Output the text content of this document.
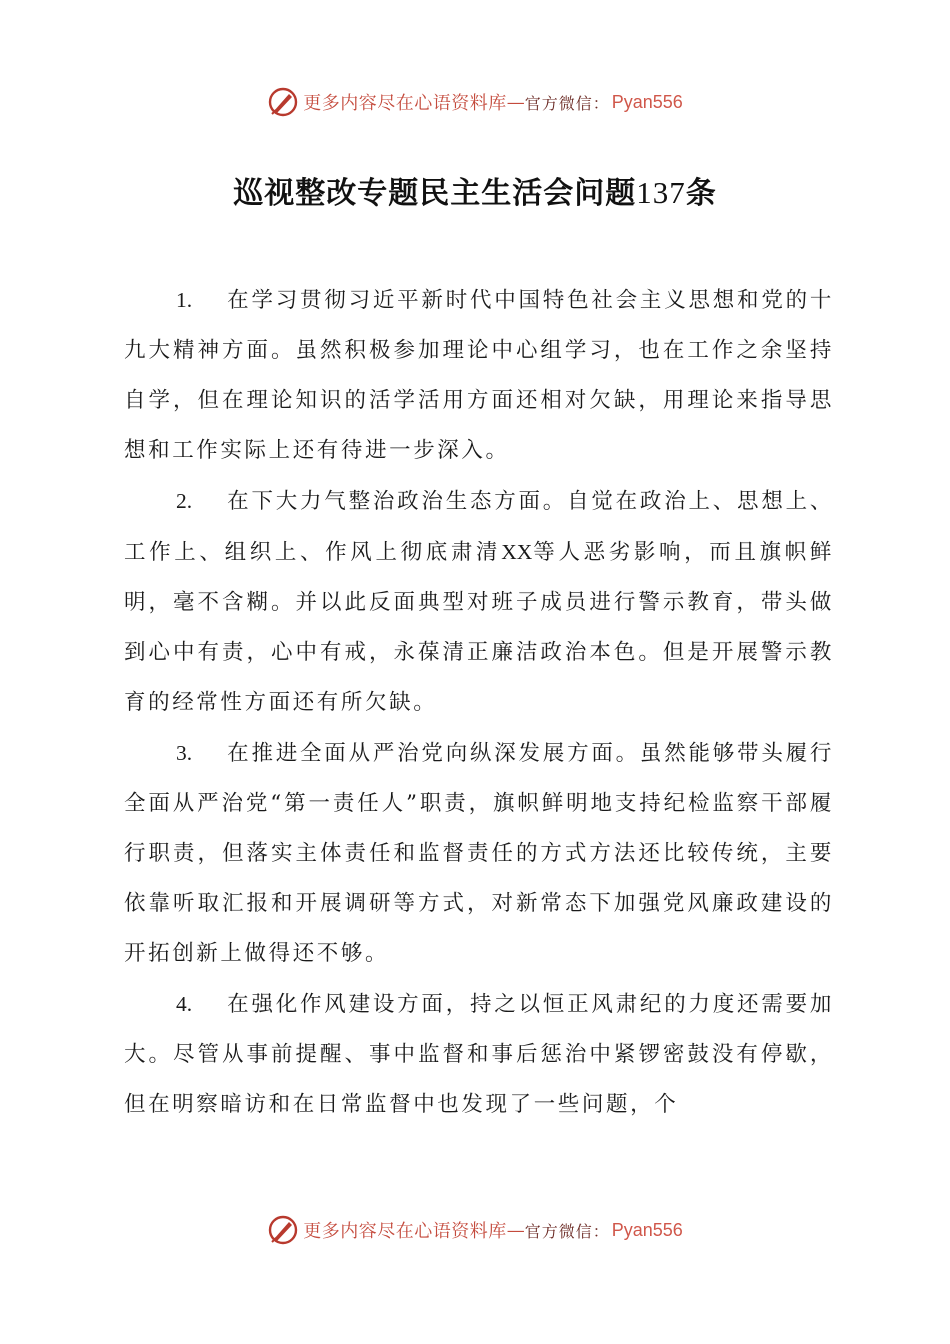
更多内容尽在心语资料库 — 官方微信： Pyan556
巡视整改专题民主生活会问题137条

1. 在学习贯彻习近平新时代中国特色社会主义思想和党的十九大精神方面。虽然积极参加理论中心组学习，也在工作之余坚持自学，但在理论知识的活学活用方面还相对欠缺，用理论来指导思想和工作实际上还有待进一步深入。

2. 在下大力气整治政治生态方面。自觉在政治上、思想上、工作上、组织上、作风上彻底肃清XX等人恶劣影响，而且旗帜鲜明，毫不含糊。并以此反面典型对班子成员进行警示教育，带头做到心中有责，心中有戒，永葆清正廉洁政治本色。但是开展警示教育的经常性方面还有所欠缺。

3. 在推进全面从严治党向纵深发展方面。虽然能够带头履行全面从严治党“第一责任人”职责，旗帜鲜明地支持纪检监察干部履行职责，但落实主体责任和监督责任的方式方法还比较传统，主要依靠听取汇报和开展调研等方式，对新常态下加强党风廉政建设的开拓创新上做得还不够。

4. 在强化作风建设方面，持之以恒正风肃纪的力度还需要加大。尽管从事前提醒、事中监督和事后惩治中紧锣密鼓没有停歇，但在明察暗访和在日常监督中也发现了一些问题，个

更多内容尽在心语资料库 — 官方微信： Pyan556
